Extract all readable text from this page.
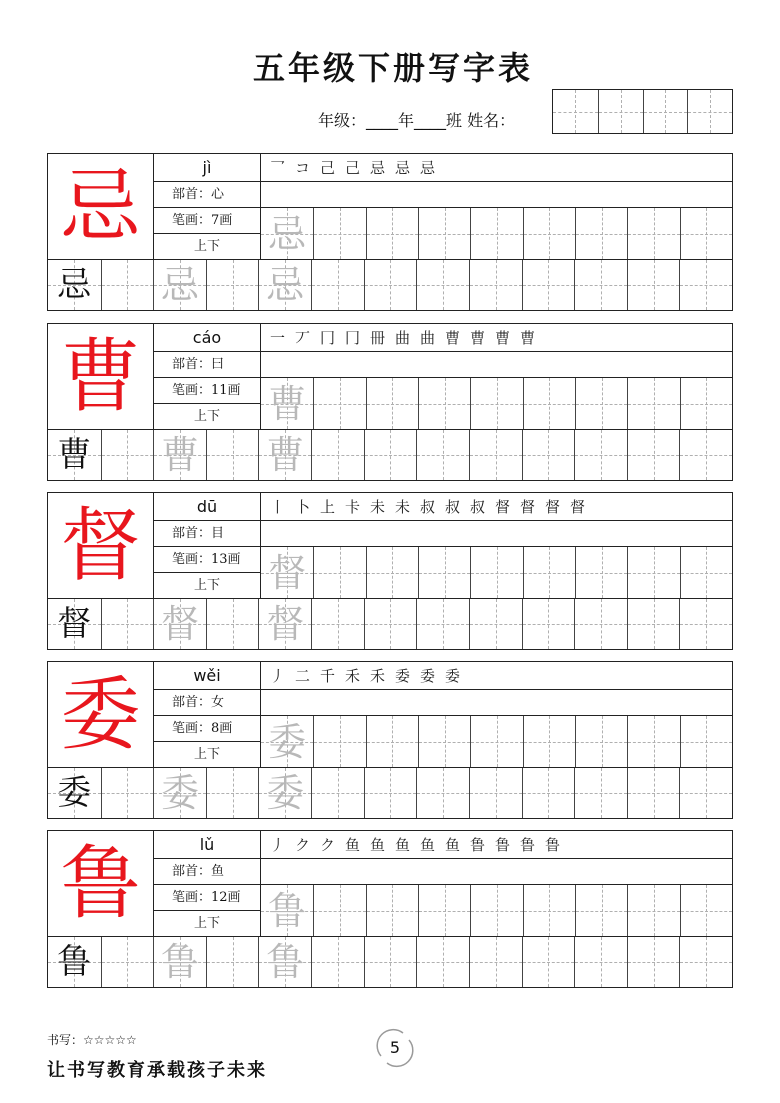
五年级下册写字表
年级：____年____班 姓名：
忌	jì
部首：心
笔画：7画
上下
乛 コ 己 己 忌 忌 忌
忌
忌 忌 忌
曹	cáo
部首：曰
笔画：11画
上下
一 丆 冂 冂 冊 曲 曲 曹 曹 曹 曹
曹
曹 曹 曹
督	dū
部首：目
笔画：13画
上下
丨 卜 上 卡 未 未 叔 叔 叔 督 督 督 督
督
督 督 督
委	wěi
部首：女
笔画：8画
上下
丿 二 千 禾 禾 委 委 委
委
委 委 委
鲁	lǔ
部首：鱼
笔画：12画
上下
丿 ク ク 鱼 鱼 鱼 鱼 鱼 鲁 鲁 鲁 鲁
鲁
鲁 鲁 鲁
书写：☆☆☆☆☆	5
让书写教育承载孩子未来
